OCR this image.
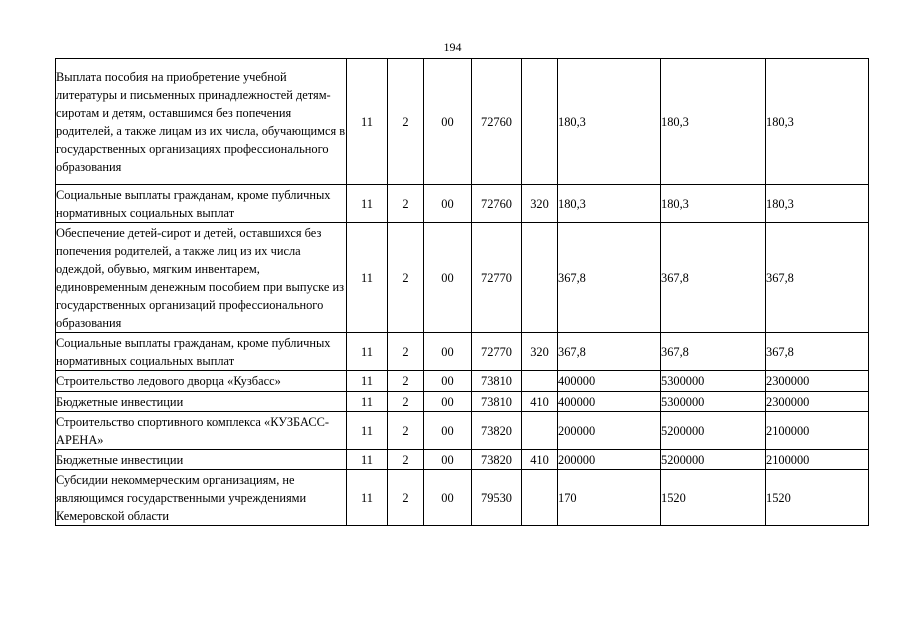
194
Выплата пособия на приобретение учебной литературы и письменных принадлежностей детям-сиротам и детям, оставшимся без попечения родителей, а также лицам из их числа, обучающимся в государственных организациях профессионального образования	11	2	00	72760		180,3	180,3	180,3
Социальные выплаты гражданам, кроме публичных нормативных социальных выплат	11	2	00	72760	320	180,3	180,3	180,3
Обеспечение детей-сирот и детей, оставшихся без попечения родителей, а также лиц из их числа одеждой, обувью, мягким инвентарем, единовременным денежным пособием при выпуске из государственных организаций профессионального образования	11	2	00	72770		367,8	367,8	367,8
Социальные выплаты гражданам, кроме публичных нормативных социальных выплат	11	2	00	72770	320	367,8	367,8	367,8
Строительство ледового дворца «Кузбасс»	11	2	00	73810		400000	5300000	2300000
Бюджетные инвестиции	11	2	00	73810	410	400000	5300000	2300000
Строительство спортивного комплекса «КУЗБАСС-АРЕНА»	11	2	00	73820		200000	5200000	2100000
Бюджетные инвестиции	11	2	00	73820	410	200000	5200000	2100000
Субсидии некоммерческим организациям, не являющимся государственными учреждениями Кемеровской области	11	2	00	79530		170	1520	1520
